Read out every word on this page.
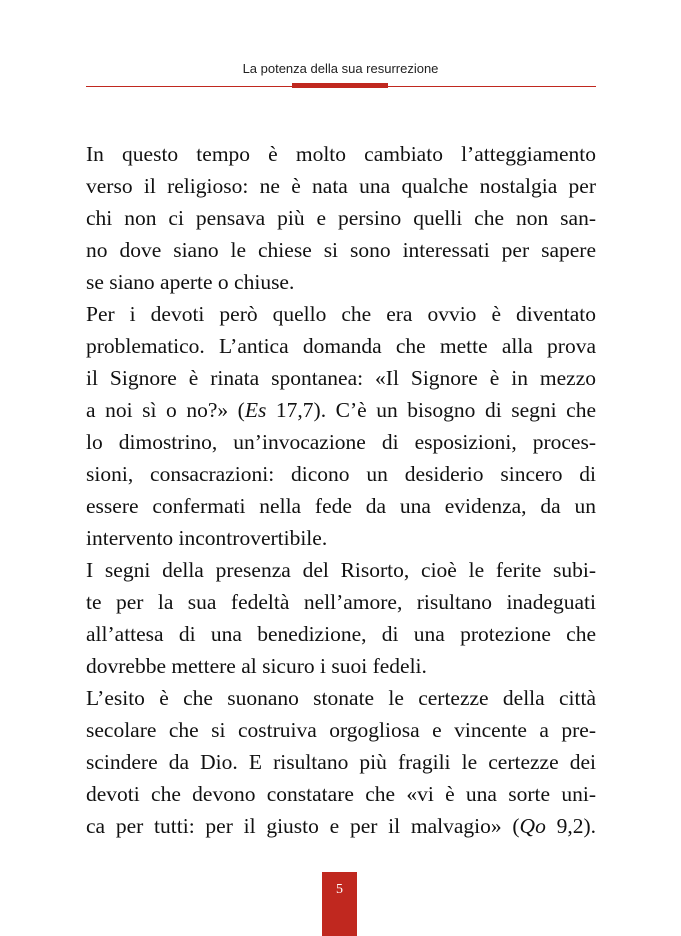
La potenza della sua resurrezione

In questo tempo è molto cambiato l’atteggiamento
verso il religioso: ne è nata una qualche nostalgia per
chi non ci pensava più e persino quelli che non san-
no dove siano le chiese si sono interessati per sapere
se siano aperte o chiuse.

Per i devoti però quello che era ovvio è diventato
problematico. L’antica domanda che mette alla prova
il Signore è rinata spontanea: «Il Signore è in mezzo
a noi sì o no?» (Es 17,7). C’è un bisogno di segni che
lo dimostrino, un’invocazione di esposizioni, proces-
sioni, consacrazioni: dicono un desiderio sincero di
essere confermati nella fede da una evidenza, da un
intervento incontrovertibile.

I segni della presenza del Risorto, cioè le ferite subi-
te per la sua fedeltà nell’amore, risultano inadeguati
all’attesa di una benedizione, di una protezione che
dovrebbe mettere al sicuro i suoi fedeli.

L’esito è che suonano stonate le certezze della città
secolare che si costruiva orgogliosa e vincente a pre-
scindere da Dio. E risultano più fragili le certezze dei
devoti che devono constatare che «vi è una sorte uni-
ca per tutti: per il giusto e per il malvagio» (Qo 9,2).

5
